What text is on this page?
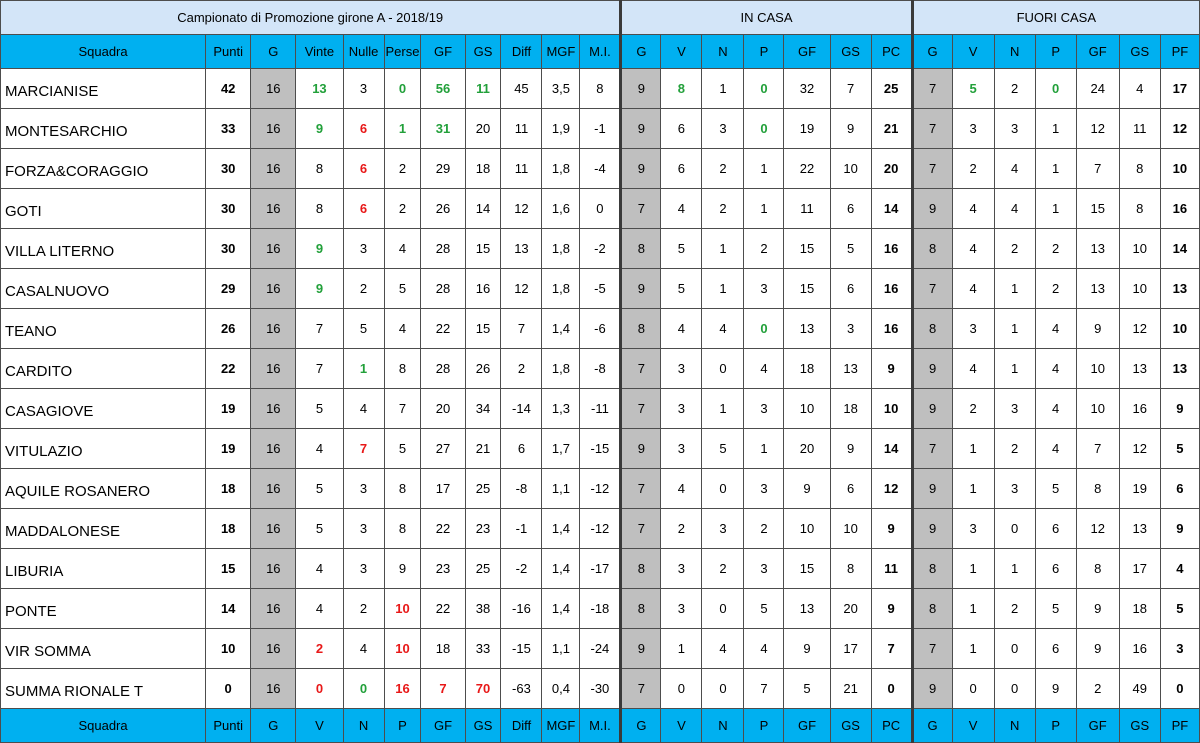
Campionato di Promozione girone A - 2018/19											IN CASA							FUORI CASA						
Squadra	Punti	G	Vinte	Nulle	Perse	GF	GS	Diff	MGF	M.I.	G	V	N	P	GF	GS	PC	G	V	N	P	GF	GS	PF
MARCIANISE	42	16	13	3	0	56	11	45	3,5	8	9	8	1	0	32	7	25	7	5	2	0	24	4	17
MONTESARCHIO	33	16	9	6	1	31	20	11	1,9	-1	9	6	3	0	19	9	21	7	3	3	1	12	11	12
FORZA&CORAGGIO	30	16	8	6	2	29	18	11	1,8	-4	9	6	2	1	22	10	20	7	2	4	1	7	8	10
GOTI	30	16	8	6	2	26	14	12	1,6	0	7	4	2	1	11	6	14	9	4	4	1	15	8	16
VILLA LITERNO	30	16	9	3	4	28	15	13	1,8	-2	8	5	1	2	15	5	16	8	4	2	2	13	10	14
CASALNUOVO	29	16	9	2	5	28	16	12	1,8	-5	9	5	1	3	15	6	16	7	4	1	2	13	10	13
TEANO	26	16	7	5	4	22	15	7	1,4	-6	8	4	4	0	13	3	16	8	3	1	4	9	12	10
CARDITO	22	16	7	1	8	28	26	2	1,8	-8	7	3	0	4	18	13	9	9	4	1	4	10	13	13
CASAGIOVE	19	16	5	4	7	20	34	-14	1,3	-11	7	3	1	3	10	18	10	9	2	3	4	10	16	9
VITULAZIO	19	16	4	7	5	27	21	6	1,7	-15	9	3	5	1	20	9	14	7	1	2	4	7	12	5
AQUILE ROSANERO	18	16	5	3	8	17	25	-8	1,1	-12	7	4	0	3	9	6	12	9	1	3	5	8	19	6
MADDALONESE	18	16	5	3	8	22	23	-1	1,4	-12	7	2	3	2	10	10	9	9	3	0	6	12	13	9
LIBURIA	15	16	4	3	9	23	25	-2	1,4	-17	8	3	2	3	15	8	11	8	1	1	6	8	17	4
PONTE	14	16	4	2	10	22	38	-16	1,4	-18	8	3	0	5	13	20	9	8	1	2	5	9	18	5
VIR SOMMA	10	16	2	4	10	18	33	-15	1,1	-24	9	1	4	4	9	17	7	7	1	0	6	9	16	3
SUMMA RIONALE T	0	16	0	0	16	7	70	-63	0,4	-30	7	0	0	7	5	21	0	9	0	0	9	2	49	0
Squadra	Punti	G	V	N	P	GF	GS	Diff	MGF	M.I.	G	V	N	P	GF	GS	PC	G	V	N	P	GF	GS	PF
